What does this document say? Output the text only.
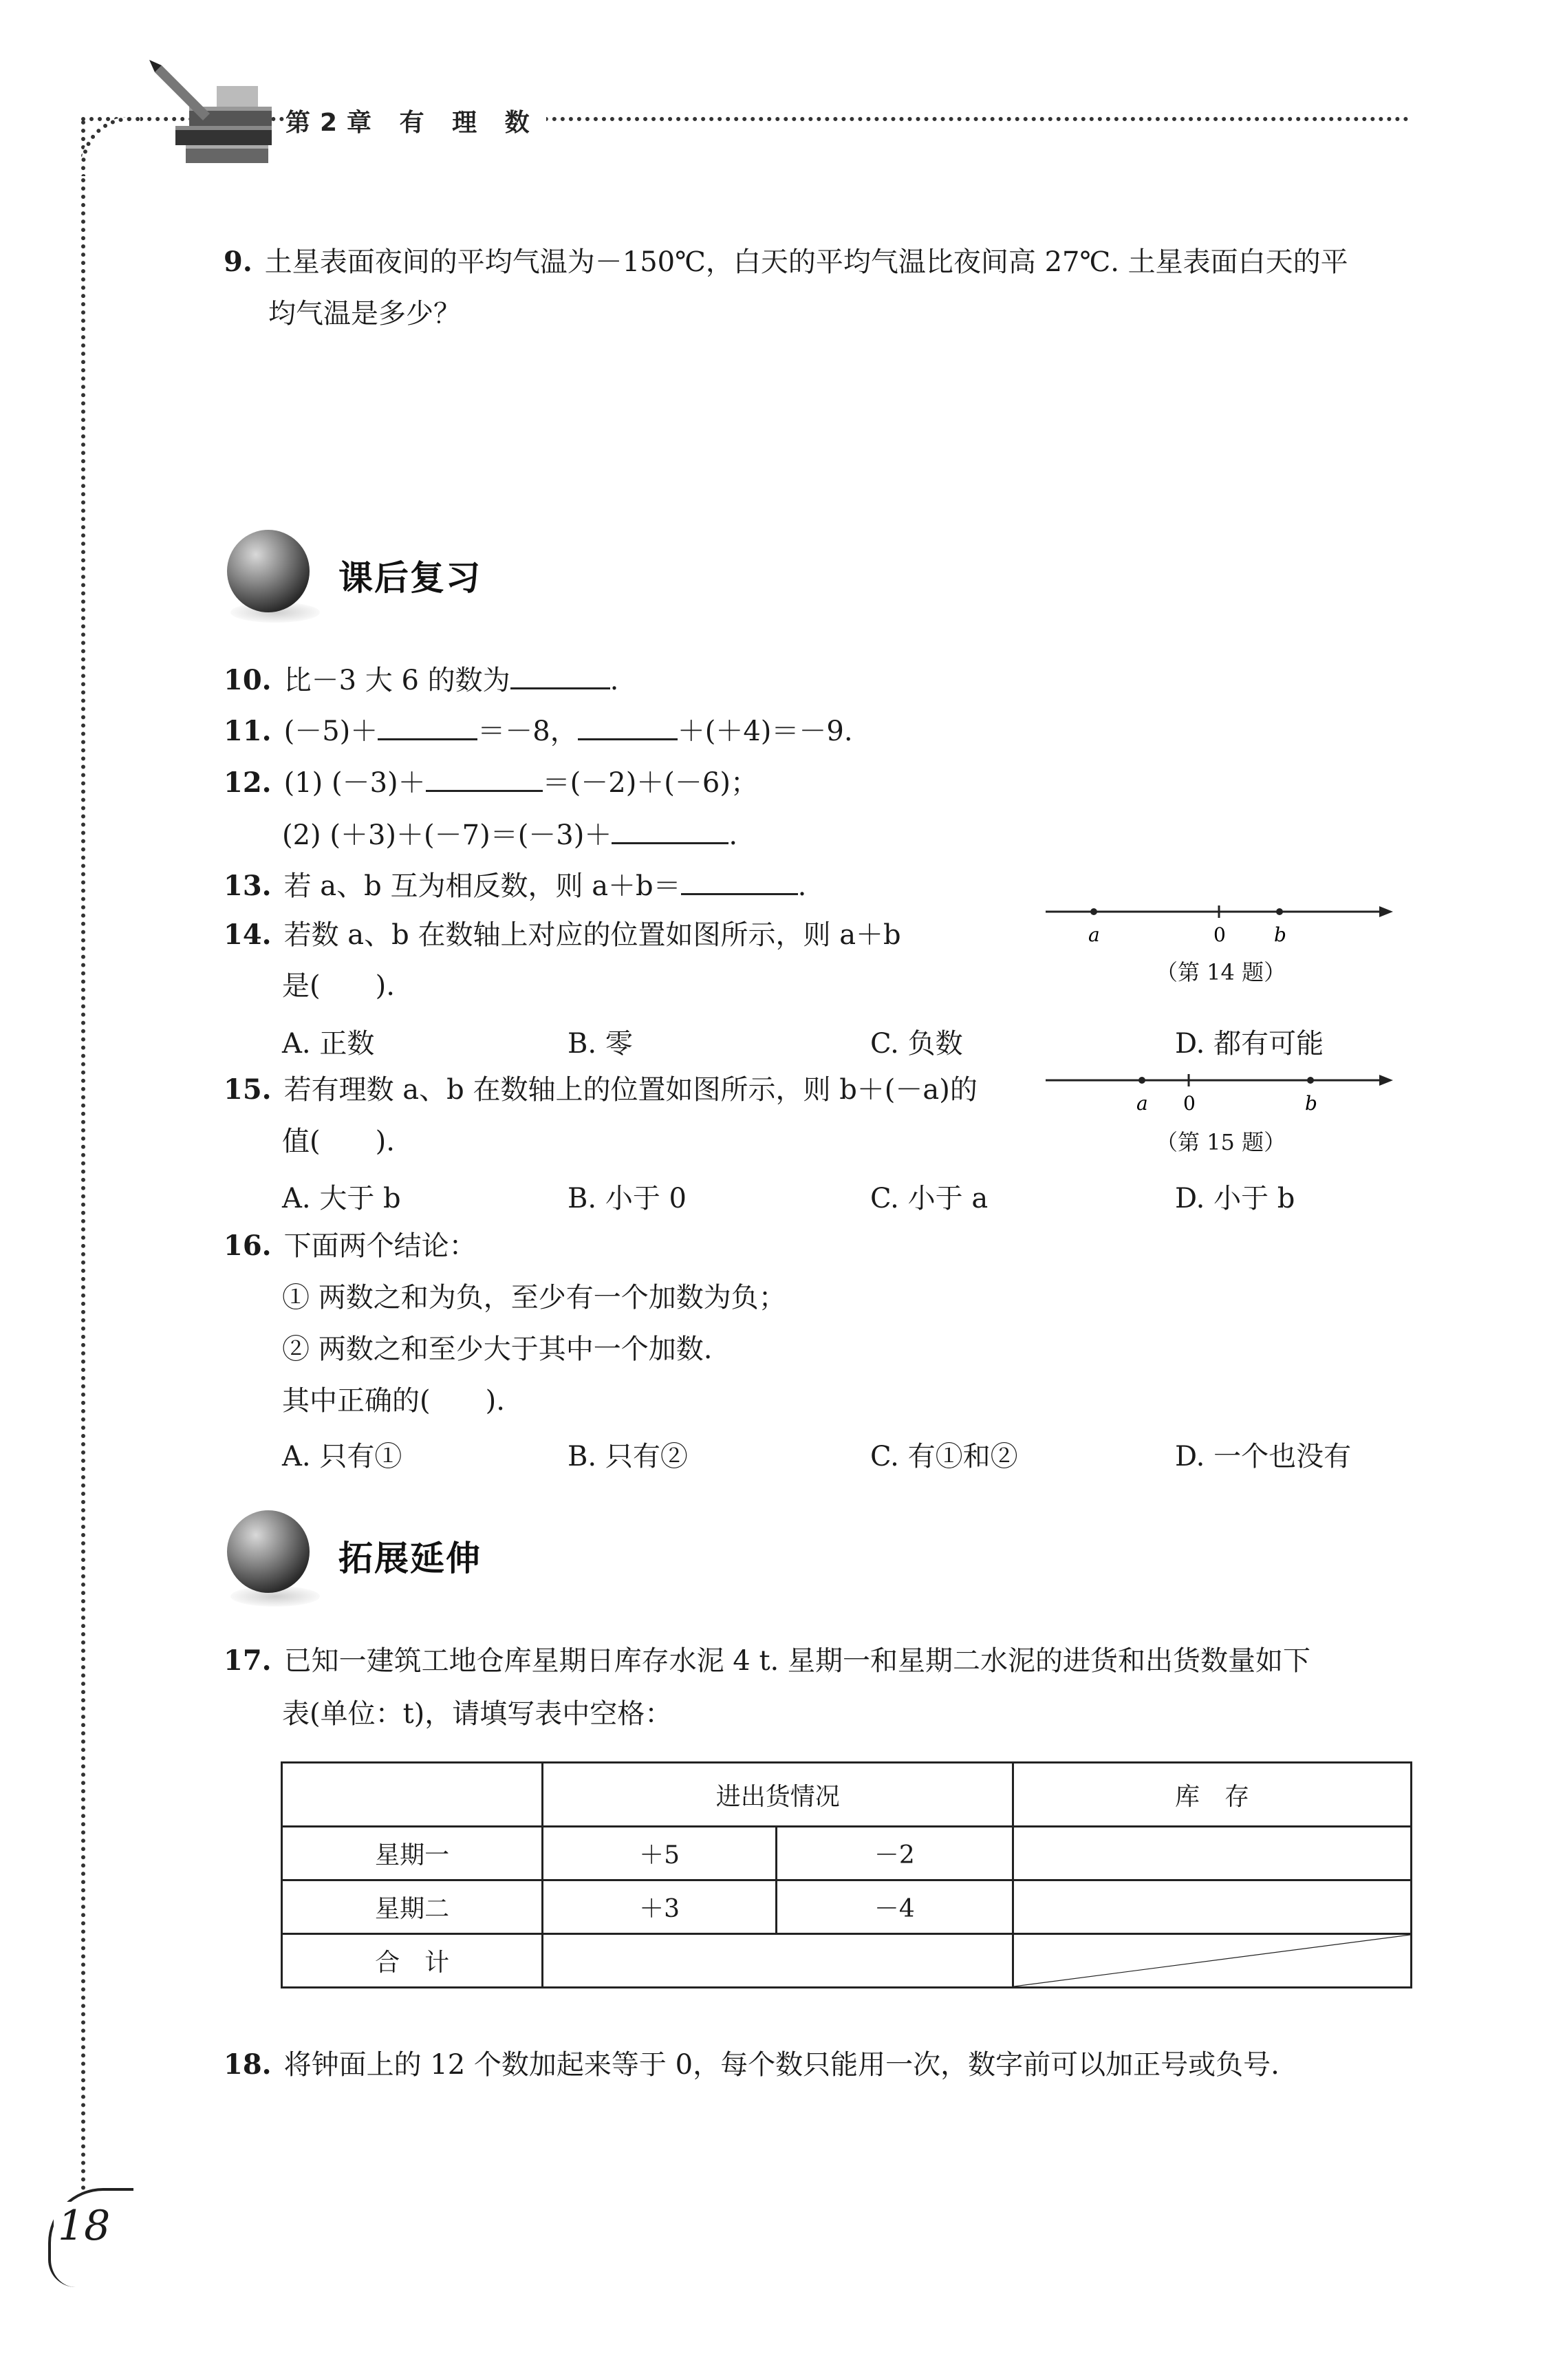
第2章 有 理 数
9. 土星表面夜间的平均气温为－150℃，白天的平均气温比夜间高 27℃. 土星表面白天的平
均气温是多少？
课后复习
10. 比－3 大 6 的数为	.
11. (－5)＋	＝－8，	＋(＋4)＝－9.
12. (1) (－3)＋	＝(－2)＋(－6)；
(2) (＋3)＋(－7)＝(－3)＋	.
13. 若 a、b 互为相反数，则 a＋b＝	.
14. 若数 a、b 在数轴上对应的位置如图所示，则 a＋b
是(　　).
a	0	b
（第 14 题）
A. 正数	B. 零	C. 负数	D. 都有可能
15. 若有理数 a、b 在数轴上的位置如图所示，则 b＋(－a)的
值(　　).
a 0	b
（第 15 题）
A. 大于 b	B. 小于 0	C. 小于 a	D. 小于 b
16. 下面两个结论：
① 两数之和为负，至少有一个加数为负；
② 两数之和至少大于其中一个加数.
其中正确的(　　).
A. 只有①	B. 只有②	C. 有①和②	D. 一个也没有
拓展延伸
17. 已知一建筑工地仓库星期日库存水泥 4 t. 星期一和星期二水泥的进货和出货数量如下
表(单位：t)，请填写表中空格：
	进出货情况		库　存
星期一	＋5	－2	
星期二	＋3	－4	
合　计		
18. 将钟面上的 12 个数加起来等于 0，每个数只能用一次，数字前可以加正号或负号.
18
